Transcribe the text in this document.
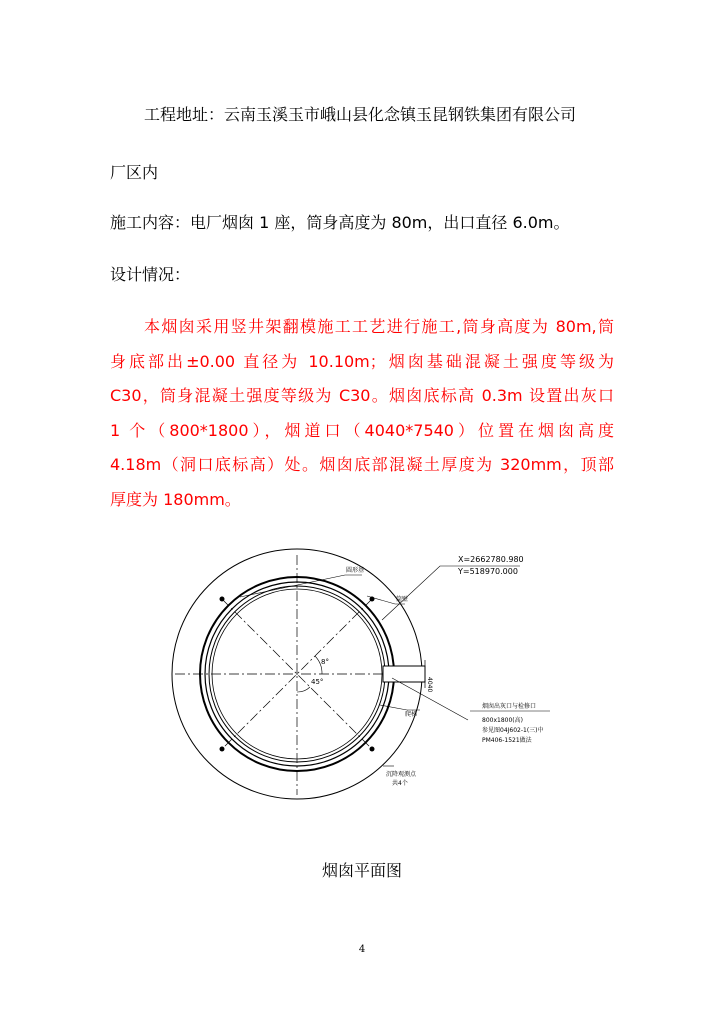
工程地址：云南玉溪玉市峨山县化念镇玉昆钢铁集团有限公司
厂区内
施工内容：电厂烟囱 1 座，筒身高度为 80m，出口直径 6.0m。
设计情况：
本烟囱采用竖井架翻模施工工艺进行施工,筒身高度为 80m,筒
身底部出±0.00 直径为 10.10m；烟囱基础混凝土强度等级为
C30，筒身混凝土强度等级为 C30。烟囱底标高 0.3m 设置出灰口
1 个（800*1800），烟道口（4040*7540）位置在烟囱高度
4.18m（洞口底标高）处。烟囱底部混凝土厚度为 320mm，顶部
厚度为 180mm。
8°
45°
圆形基
筒壁
X=2662780.980
Y=518970.000
4040
爬梯
沉降观测点
共4个
烟囱出灰口与检修口
800x1800(高)
参见图04J602-1(三)中
PM406-1521做法
烟囱平面图
4
